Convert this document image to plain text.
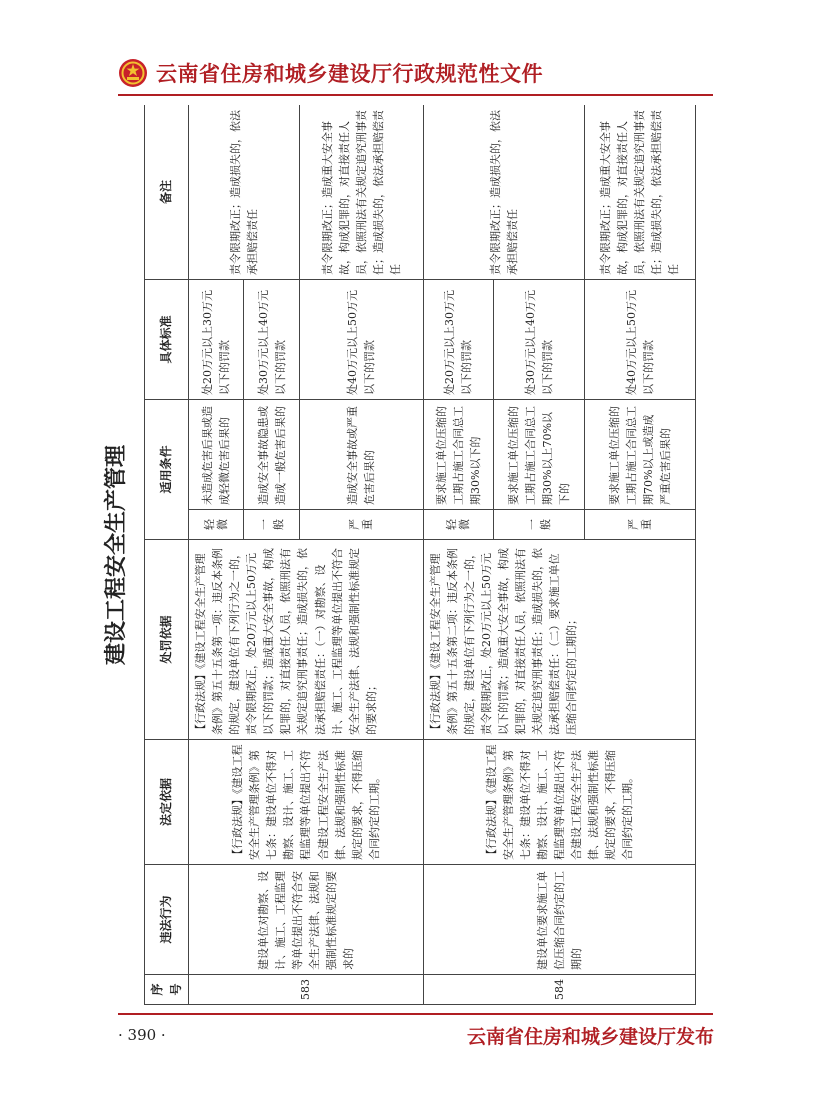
云南省住房和城乡建设厅行政规范性文件
建设工程安全生产管理
序号	违法行为	法定依据	处罚依据	适用条件		具体标准	备注
583	建设单位对勘察、设计、施工、工程监理等单位提出不符合安全生产法律、法规和强制性标准规定的要求的	【行政法规】《建设工程安全生产管理条例》第七条：建设单位不得对勘察、设计、施工、工程监理等单位提出不符合建设工程安全生产法律、法规和强制性标准规定的要求，不得压缩合同约定的工期。	【行政法规】《建设工程安全生产管理条例》第五十五条第一项：违反本条例的规定，建设单位有下列行为之一的，责令限期改正，处20万元以上50万元以下的罚款；造成重大安全事故，构成犯罪的，对直接责任人员，依照刑法有关规定追究刑事责任；造成损失的，依法承担赔偿责任：（一）对勘察、设计、施工、工程监理等单位提出不符合安全生产法律、法规和强制性标准规定的要求的；	轻微	未造成危害后果或造成轻微危害后果的	处20万元以上30万元以下的罚款	责令限期改正；造成损失的，依法承担赔偿责任
				一般	造成安全事故隐患或造成一般危害后果的	处30万元以上40万元以下的罚款	
				严重	造成安全事故或严重危害后果的	处40万元以上50万元以下的罚款	责令限期改正；造成重大安全事故，构成犯罪的，对直接责任人员，依照刑法有关规定追究刑事责任；造成损失的，依法承担赔偿责任
584	建设单位要求施工单位压缩合同约定的工期的	【行政法规】《建设工程安全生产管理条例》第七条：建设单位不得对勘察、设计、施工、工程监理等单位提出不符合建设工程安全生产法律、法规和强制性标准规定的要求，不得压缩合同约定的工期。	【行政法规】《建设工程安全生产管理条例》第五十五条第二项：违反本条例的规定，建设单位有下列行为之一的，责令限期改正，处20万元以上50万元以下的罚款；造成重大安全事故，构成犯罪的，对直接责任人员，依照刑法有关规定追究刑事责任；造成损失的，依法承担赔偿责任：（二）要求施工单位压缩合同约定的工期的；	轻微	要求施工单位压缩的工期占施工合同总工期30%以下的	处20万元以上30万元以下的罚款	责令限期改正；造成损失的，依法承担赔偿责任
				一般	要求施工单位压缩的工期占施工合同总工期30%以上70%以下的	处30万元以上40万元以下的罚款	
				严重	要求施工单位压缩的工期占施工合同总工期70%以上或造成严重危害后果的	处40万元以上50万元以下的罚款	责令限期改正；造成重大安全事故，构成犯罪的，对直接责任人员，依照刑法有关规定追究刑事责任；造成损失的，依法承担赔偿责任
· 390 ·	云南省住房和城乡建设厅发布
